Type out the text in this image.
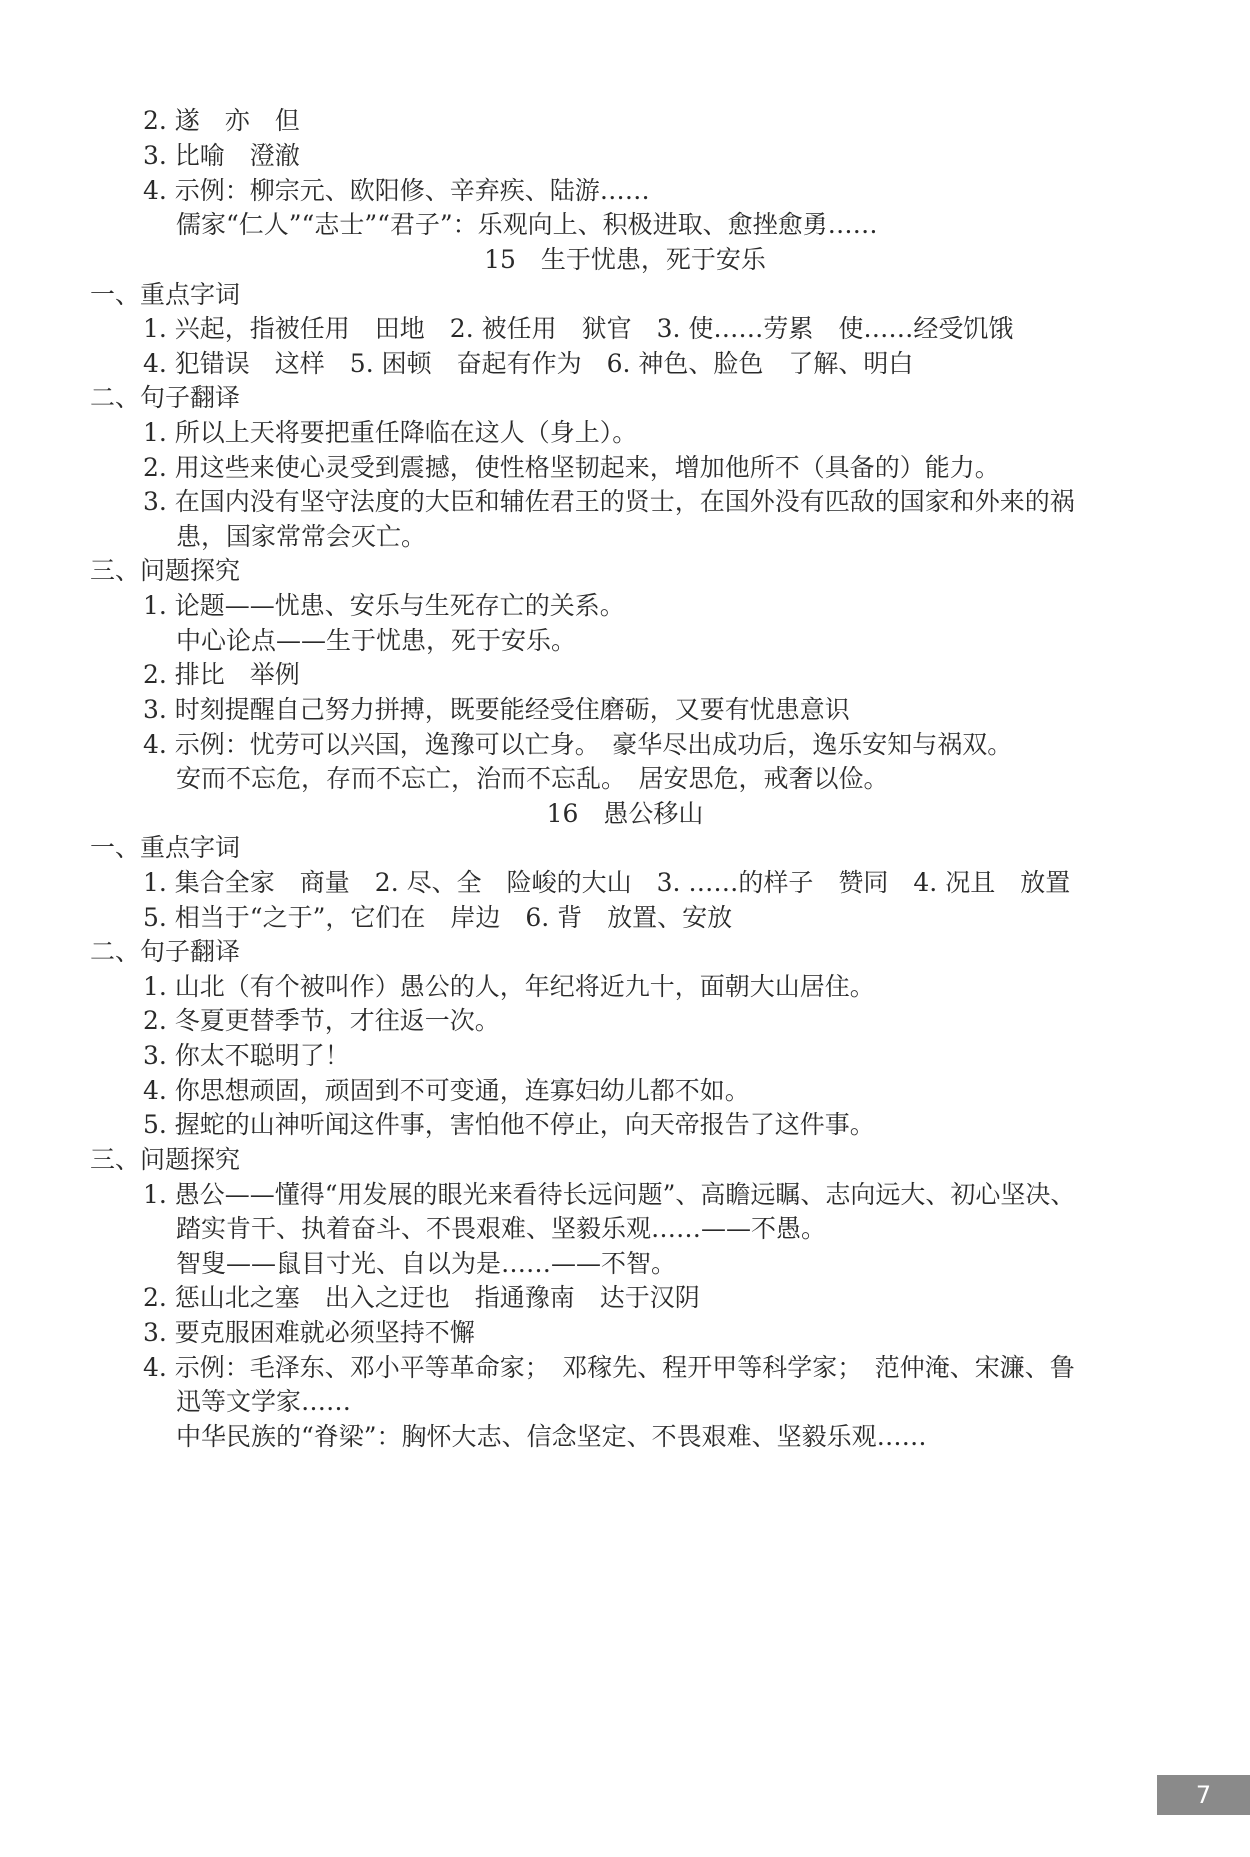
2. 遂　亦　但
3. 比喻　澄澈
4. 示例：柳宗元、欧阳修、辛弃疾、陆游……
儒家“仁人”“志士”“君子”：乐观向上、积极进取、愈挫愈勇……
15　生于忧患，死于安乐
一、重点字词
1. 兴起，指被任用　田地　2. 被任用　狱官　3. 使……劳累　使……经受饥饿
4. 犯错误　这样　5. 困顿　奋起有作为　6. 神色、脸色　了解、明白
二、句子翻译
1. 所以上天将要把重任降临在这人（身上）。
2. 用这些来使心灵受到震撼，使性格坚韧起来，增加他所不（具备的）能力。
3. 在国内没有坚守法度的大臣和辅佐君王的贤士，在国外没有匹敌的国家和外来的祸
患，国家常常会灭亡。
三、问题探究
1. 论题——忧患、安乐与生死存亡的关系。
中心论点——生于忧患，死于安乐。
2. 排比　举例
3. 时刻提醒自己努力拼搏，既要能经受住磨砺，又要有忧患意识
4. 示例：忧劳可以兴国，逸豫可以亡身。　豪华尽出成功后，逸乐安知与祸双。
安而不忘危，存而不忘亡，治而不忘乱。　居安思危，戒奢以俭。
16　愚公移山
一、重点字词
1. 集合全家　商量　2. 尽、全　险峻的大山　3. ……的样子　赞同　4. 况且　放置
5. 相当于“之于”，它们在　岸边　6. 背　放置、安放
二、句子翻译
1. 山北（有个被叫作）愚公的人，年纪将近九十，面朝大山居住。
2. 冬夏更替季节，才往返一次。
3. 你太不聪明了！
4. 你思想顽固，顽固到不可变通，连寡妇幼儿都不如。
5. 握蛇的山神听闻这件事，害怕他不停止，向天帝报告了这件事。
三、问题探究
1. 愚公——懂得“用发展的眼光来看待长远问题”、高瞻远瞩、志向远大、初心坚决、
踏实肯干、执着奋斗、不畏艰难、坚毅乐观……——不愚。
智叟——鼠目寸光、自以为是……——不智。
2. 惩山北之塞　出入之迂也　指通豫南　达于汉阴
3. 要克服困难就必须坚持不懈
4. 示例：毛泽东、邓小平等革命家；　邓稼先、程开甲等科学家；　范仲淹、宋濂、鲁
迅等文学家……
中华民族的“脊梁”：胸怀大志、信念坚定、不畏艰难、坚毅乐观……
7
